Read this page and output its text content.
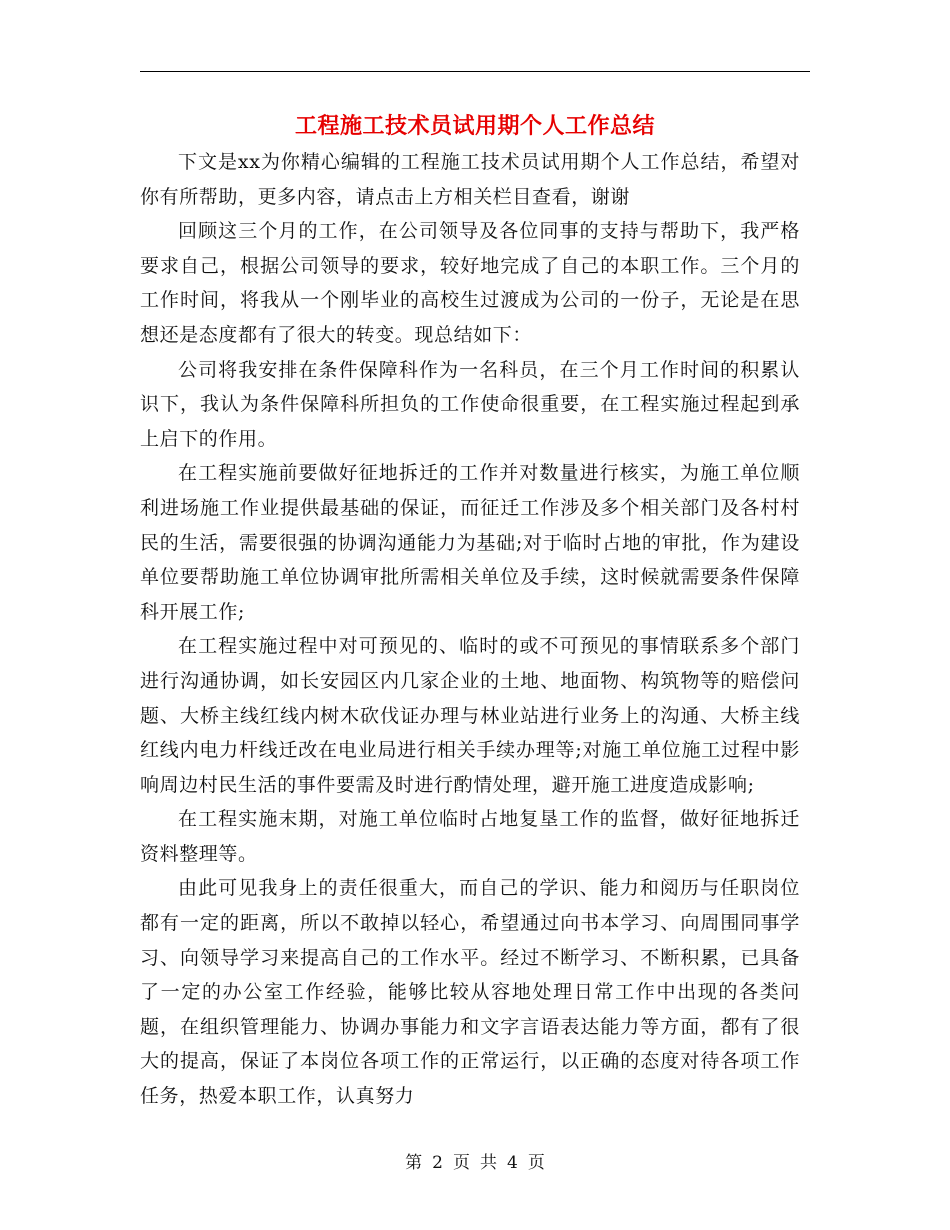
工程施工技术员试用期个人工作总结

下文是xx为你精心编辑的工程施工技术员试用期个人工作总结，希望对你有所帮助，更多内容，请点击上方相关栏目查看，谢谢

回顾这三个月的工作，在公司领导及各位同事的支持与帮助下，我严格要求自己，根据公司领导的要求，较好地完成了自己的本职工作。三个月的工作时间，将我从一个刚毕业的高校生过渡成为公司的一份子，无论是在思想还是态度都有了很大的转变。现总结如下：

公司将我安排在条件保障科作为一名科员，在三个月工作时间的积累认识下，我认为条件保障科所担负的工作使命很重要，在工程实施过程起到承上启下的作用。

在工程实施前要做好征地拆迁的工作并对数量进行核实，为施工单位顺利进场施工作业提供最基础的保证，而征迁工作涉及多个相关部门及各村村民的生活，需要很强的协调沟通能力为基础;对于临时占地的审批，作为建设单位要帮助施工单位协调审批所需相关单位及手续，这时候就需要条件保障科开展工作;

在工程实施过程中对可预见的、临时的或不可预见的事情联系多个部门进行沟通协调，如长安园区内几家企业的土地、地面物、构筑物等的赔偿问题、大桥主线红线内树木砍伐证办理与林业站进行业务上的沟通、大桥主线红线内电力杆线迁改在电业局进行相关手续办理等;对施工单位施工过程中影响周边村民生活的事件要需及时进行酌情处理，避开施工进度造成影响;

在工程实施末期，对施工单位临时占地复垦工作的监督，做好征地拆迁资料整理等。

由此可见我身上的责任很重大，而自己的学识、能力和阅历与任职岗位都有一定的距离，所以不敢掉以轻心，希望通过向书本学习、向周围同事学习、向领导学习来提高自己的工作水平。经过不断学习、不断积累，已具备了一定的办公室工作经验，能够比较从容地处理日常工作中出现的各类问题，在组织管理能力、协调办事能力和文字言语表达能力等方面，都有了很大的提高，保证了本岗位各项工作的正常运行，以正确的态度对待各项工作任务，热爱本职工作，认真努力

第 2 页 共 4 页
